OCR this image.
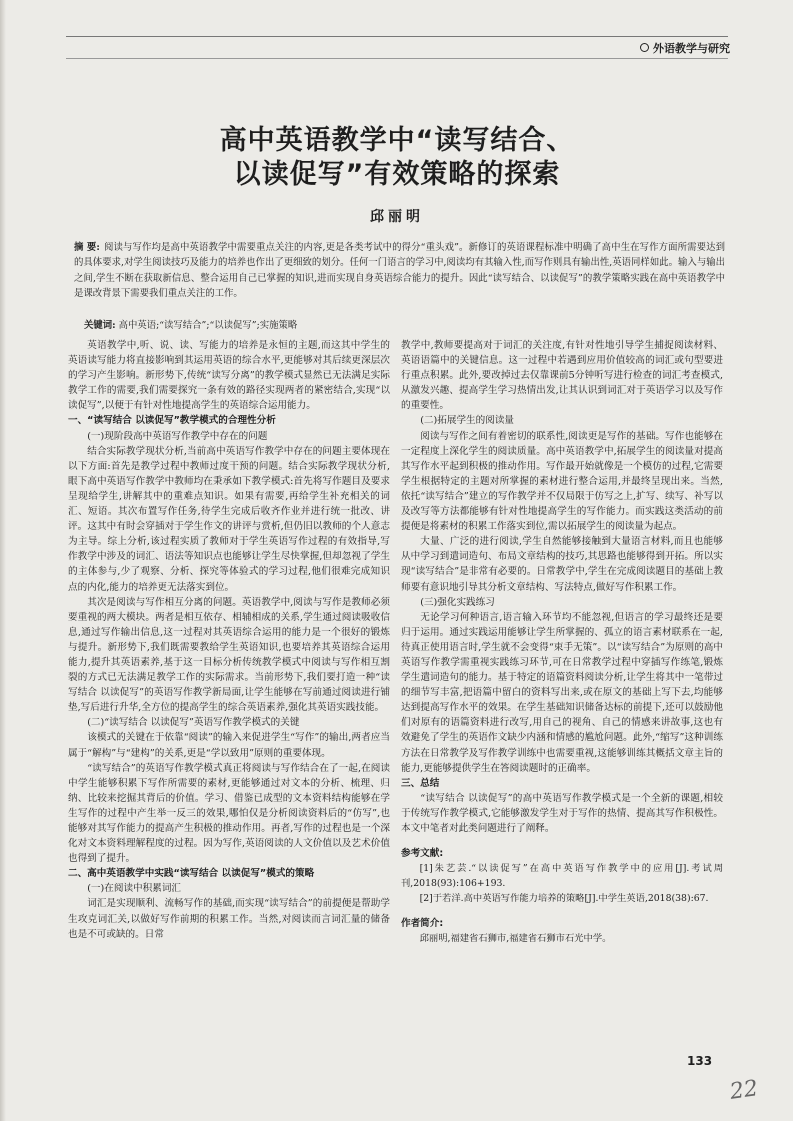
外语教学与研究
高中英语教学中“读写结合、
以读促写”有效策略的探索
邱丽明
摘 要: 阅读与写作均是高中英语教学中需要重点关注的内容,更是各类考试中的得分“重头戏”。新修订的英语课程标准中明确了高中生在写作方面所需要达到的具体要求,对学生阅读技巧及能力的培养也作出了更细致的划分。任何一门语言的学习中,阅读均有其输入性,而写作则具有输出性,英语同样如此。输入与输出之间,学生不断在获取新信息、整合运用自己已掌握的知识,进而实现自身英语综合能力的提升。因此“读写结合、以读促写”的教学策略实践在高中英语教学中是课改背景下需要我们重点关注的工作。
关键词: 高中英语;“读写结合”;“以读促写”;实施策略

英语教学中,听、说、读、写能力的培养是永恒的主题,而这其中学生的英语读写能力将直接影响到其运用英语的综合水平,更能够对其后续更深层次的学习产生影响。新形势下,传统“读写分离”的教学模式显然已无法满足实际教学工作的需要,我们需要探究一条有效的路径实现两者的紧密结合,实现“以读促写”,以便于有针对性地提高学生的英语综合运用能力。

一、“读写结合 以读促写”教学模式的合理性分析

(一)现阶段高中英语写作教学中存在的问题

结合实际教学现状分析,当前高中英语写作教学中存在的问题主要体现在以下方面:首先是教学过程中教师过度干预的问题。结合实际教学现状分析,眼下高中英语写作教学中教师均在秉承如下教学模式:首先将写作题目及要求呈现给学生,讲解其中的重难点知识。如果有需要,再给学生补充相关的词汇、短语。其次布置写作任务,待学生完成后收齐作业并进行统一批改、讲评。这其中有时会穿插对于学生作文的讲评与赏析,但仍旧以教师的个人意志为主导。综上分析,该过程实质了教师对于学生英语写作过程的有效指导,写作教学中涉及的词汇、语法等知识点也能够让学生尽快掌握,但却忽视了学生的主体参与,少了观察、分析、探究等体验式的学习过程,他们很难完成知识点的内化,能力的培养更无法落实到位。

其次是阅读与写作相互分离的问题。英语教学中,阅读与写作是教师必须要重视的两大模块。两者是相互依存、相辅相成的关系,学生通过阅读吸收信息,通过写作输出信息,这一过程对其英语综合运用的能力是一个很好的锻炼与提升。新形势下,我们既需要教给学生英语知识,也要培养其英语综合运用能力,提升其英语素养,基于这一目标分析传统教学模式中阅读与写作相互割裂的方式已无法满足教学工作的实际需求。当前形势下,我们要打造一种“读写结合 以读促写”的英语写作教学新局面,让学生能够在写前通过阅读进行铺垫,写后进行升华,全方位的提高学生的综合英语素养,强化其英语实践技能。

(二)“读写结合 以读促写”英语写作教学模式的关键

该模式的关键在于依靠“阅读”的输入来促进学生“写作”的输出,两者应当属于“解构”与“建构”的关系,更是“学以致用”原则的重要体现。

“读写结合”的英语写作教学模式真正将阅读与写作结合在了一起,在阅读中学生能够积累下写作所需要的素材,更能够通过对文本的分析、梳理、归纳、比较来挖掘其背后的价值。学习、借鉴已成型的文本资料结构能够在学生写作的过程中产生举一反三的效果,哪怕仅是分析阅读资料后的“仿写”,也能够对其写作能力的提高产生积极的推动作用。再者,写作的过程也是一个深化对文本资料理解程度的过程。因为写作,英语阅读的人文价值以及艺术价值也得到了提升。

二、高中英语教学中实践“读写结合 以读促写”模式的策略

(一)在阅读中积累词汇

词汇是实现顺利、流畅写作的基础,而实现“读写结合”的前提便是帮助学生攻克词汇关,以做好写作前期的积累工作。当然,对阅读而言词汇量的储备也是不可或缺的。日常

教学中,教师要提高对于词汇的关注度,有针对性地引导学生捕捉阅读材料、英语语篇中的关键信息。这一过程中若遇到应用价值较高的词汇或句型要进行重点积累。此外,要改掉过去仅靠课前5分钟听写进行检查的词汇考查模式,从激发兴趣、提高学生学习热情出发,让其认识到词汇对于英语学习以及写作的重要性。

(二)拓展学生的阅读量

阅读与写作之间有着密切的联系性,阅读更是写作的基础。写作也能够在一定程度上深化学生的阅读质量。高中英语教学中,拓展学生的阅读量对提高其写作水平起到积极的推动作用。写作最开始就像是一个模仿的过程,它需要学生根据特定的主题对所掌握的素材进行整合运用,并最终呈现出来。当然,依托“读写结合”建立的写作教学并不仅局限于仿写之上,扩写、续写、补写以及改写等方法都能够有针对性地提高学生的写作能力。而实践这类活动的前提便是将素材的积累工作落实到位,需以拓展学生的阅读量为起点。

大量、广泛的进行阅读,学生自然能够接触到大量语言材料,而且也能够从中学习到遣词造句、布局文章结构的技巧,其思路也能够得到开拓。所以实现“读写结合”是非常有必要的。日常教学中,学生在完成阅读题目的基础上教师要有意识地引导其分析文章结构、写法特点,做好写作积累工作。

(三)强化实践练习

无论学习何种语言,语言输入环节均不能忽视,但语言的学习最终还是要归于运用。通过实践运用能够让学生所掌握的、孤立的语言素材联系在一起,待真正使用语言时,学生就不会变得“束手无策”。以“读写结合”为原则的高中英语写作教学需重视实践练习环节,可在日常教学过程中穿插写作练笔,锻炼学生遣词造句的能力。基于特定的语篇资料阅读分析,让学生将其中一笔带过的细节写丰富,把语篇中留白的资料写出来,或在原文的基础上写下去,均能够达到提高写作水平的效果。在学生基础知识储备达标的前提下,还可以鼓励他们对原有的语篇资料进行改写,用自己的视角、自己的情感来讲故事,这也有效避免了学生的英语作文缺少内涵和情感的尴尬问题。此外,“缩写”这种训练方法在日常教学及写作教学训练中也需要重视,这能够训练其概括文章主旨的能力,更能够提供学生在答阅读题时的正确率。

三、总结

“读写结合 以读促写”的高中英语写作教学模式是一个全新的课题,相较于传统写作教学模式,它能够激发学生对于写作的热情、提高其写作积极性。本文中笔者对此类问题进行了阐释。

参考文献:

[1]朱艺芸.“以读促写”在高中英语写作教学中的应用[J].考试周刊,2018(93):106+193.

[2]于若洋.高中英语写作能力培养的策略[J].中学生英语,2018(38):67.

作者简介:

邱丽明,福建省石狮市,福建省石狮市石光中学。

133
22
